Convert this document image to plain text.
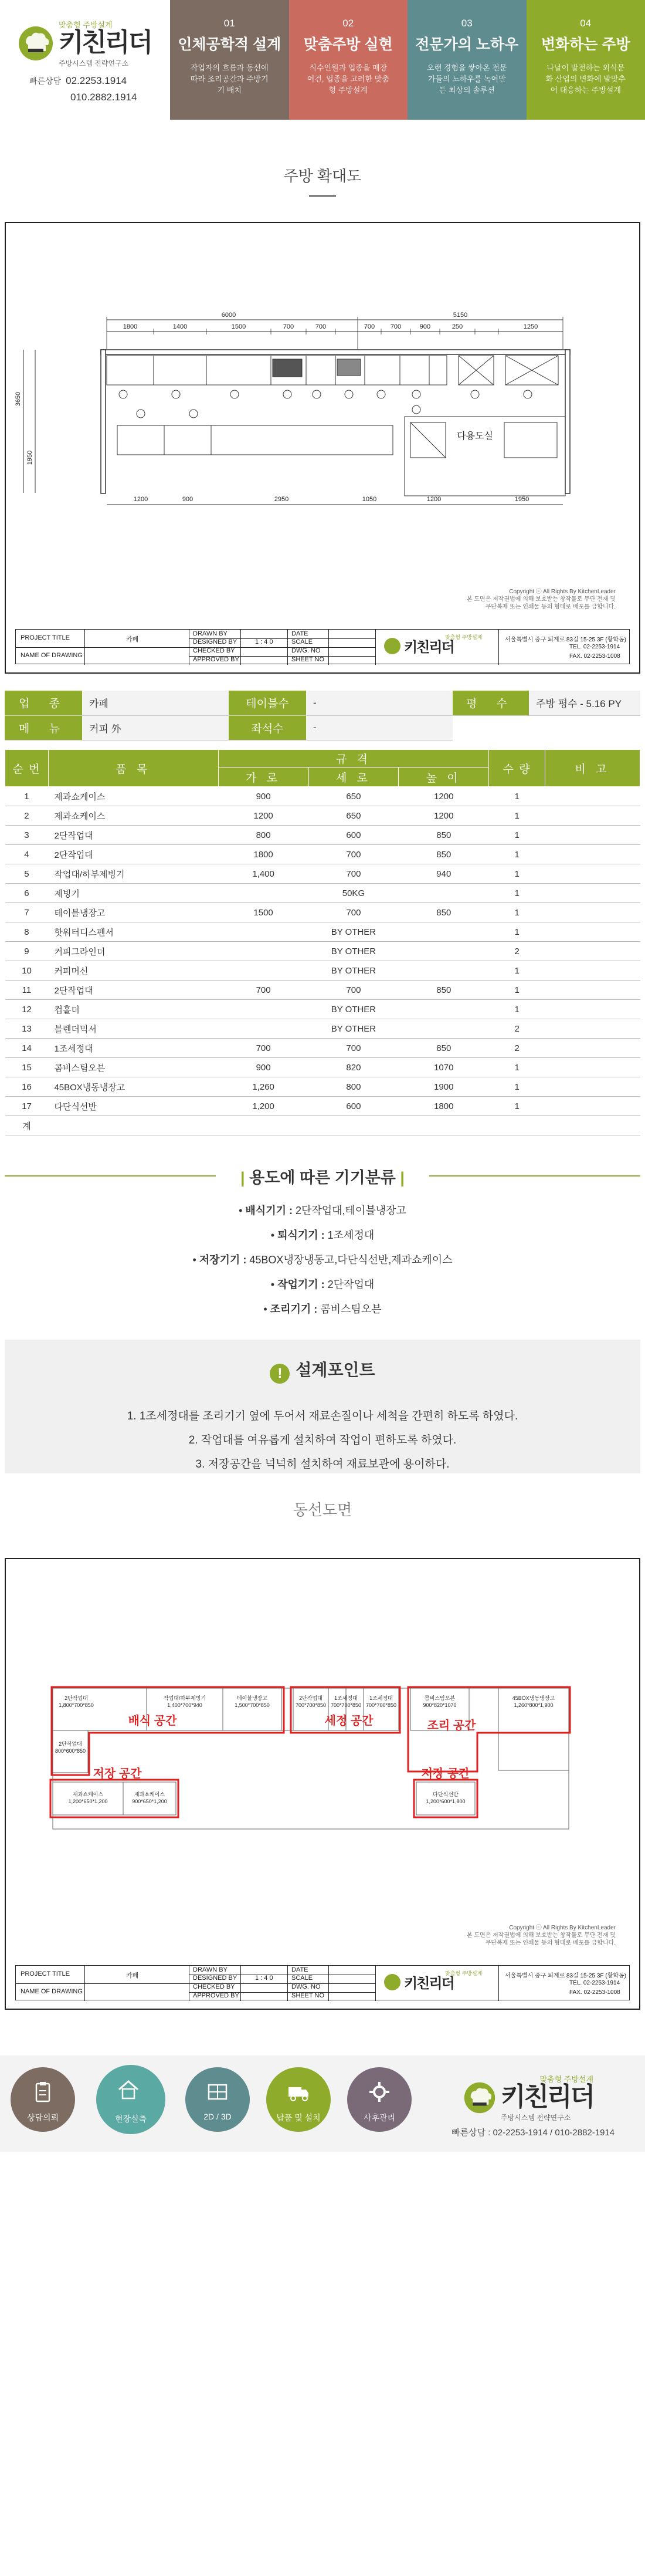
맞춤형 주방설계
키친리더
주방시스템 전략연구소
빠른상담 02.2253.1914
010.2882.1914
01
인체공학적 설계
작업자의 흐름과 동선에 따라 조리공간과 주방기기 배치
02
맞춤주방 실현
식수인원과 업종을 매장여건, 업종을 고려한 맞춤형 주방설계
03
전문가의 노하우
오랜 경험을 쌓아온 전문가들의 노하우를 녹여만든 최상의 솔루션
04
변화하는 주방
나날이 발전하는 외식문화 산업의 변화에 발맞추어 대응하는 주방설계
주방 확대도
6000	5150
1800	1400	1500	700	700	700 700	900	250	1250
1200	900	2950	1050	1200	1950
3650
1950
다용도실
Copyright ⓒ All Rights By KitchenLeader
본 도면은 저작권법에 의해 보호받는 창작물로 무단 전재 및
무단복제 또는 인쇄물 등의 형태로 배포를 금합니다.
PROJECT TITLE
NAME OF DRAWING
카페
DRAWN BY
DESIGNED BY
CHECKED BY
APPROVED BY
1 : 4 0
DATE
SCALE
DWG. NO
SHEET NO
키친리더
맞춤형 주방설계	서울특별시 중구 퇴계로 83길 15-25 3F (황학동)
TEL. 02-2253-1914
FAX. 02-2253-1008
업 종	카페	테이블수	-	평 수	주방 평수 - 5.16 PY
메 뉴	커피 外	좌석수	-		
순 번	품 목	규 격			수 량	비 고
		가 로	세 로	높 이		
1	제과쇼케이스	900	650	1200	1	
2	제과쇼케이스	1200	650	1200	1	
3	2단작업대	800	600	850	1	
4	2단작업대	1800	700	850	1	
5	작업대/하부제빙기	1,400	700	940	1	
6	제빙기	50KG			1	
7	테이블냉장고	1500	700	850	1	
8	핫워터디스펜서	BY OTHER			1	
9	커피그라인더	BY OTHER			2	
10	커피머신	BY OTHER			1	
11	2단작업대	700	700	850	1	
12	컵홀더	BY OTHER			1	
13	블렌더믹서	BY OTHER			2	
14	1조세정대	700	700	850	2	
15	콤비스팀오븐	900	820	1070	1	
16	45BOX냉동냉장고	1,260	800	1900	1	
17	다단식선반	1,200	600	1800	1	
계						
| 용도에 따른 기기분류 |
• 배식기기 : 2단작업대,테이블냉장고
• 퇴식기기 : 1조세정대
• 저장기기 : 45BOX냉장냉동고,다단식선반,제과쇼케이스
• 작업기기 : 2단작업대
• 조리기기 : 콤비스팀오븐
! 설계포인트
1. 1조세정대를 조리기기 옆에 두어서 재료손질이나 세척을 간편히 하도록 하였다.
2. 작업대를 여유롭게 설치하여 작업이 편하도록 하였다.
3. 저장공간을 넉넉히 설치하여 재료보관에 용이하다.
동선도면
2단작업대
1,800*700*850
작업대/하부제빙기
1,400*700*940
테이블냉장고
1,500*700*850
2단작업대
700*700*850
1조세정대
700*700*850
1조세정대
700*700*850
콤비스팀오븐
900*820*1070
45BOX냉동냉장고
1,260*800*1,900
2단작업대
800*600*850
제과쇼케이스
1,200*650*1,200
제과쇼케이스
900*650*1,200
다단식선반
1,200*600*1,800
배식 공간	세정 공간	조리 공간
저장 공간	저장 공간
Copyright ⓒ All Rights By KitchenLeader
본 도면은 저작권법에 의해 보호받는 창작물로 무단 전재 및
무단복제 또는 인쇄물 등의 형태로 배포를 금합니다.
PROJECT TITLE
NAME OF DRAWING
카페
DRAWN BY
DESIGNED BY
CHECKED BY
APPROVED BY
1 : 4 0
DATE
SCALE
DWG. NO
SHEET NO
키친리더
맞춤형 주방설계	서울특별시 중구 퇴계로 83길 15-25 3F (황학동)
TEL. 02-2253-1914
FAX. 02-2253-1008
상담의뢰	현장실측	2D / 3D	납품 및 설치	사후관리
맞춤형 주방설계
키친리더
주방시스템 전략연구소
빠른상담 : 02-2253-1914 / 010-2882-1914
